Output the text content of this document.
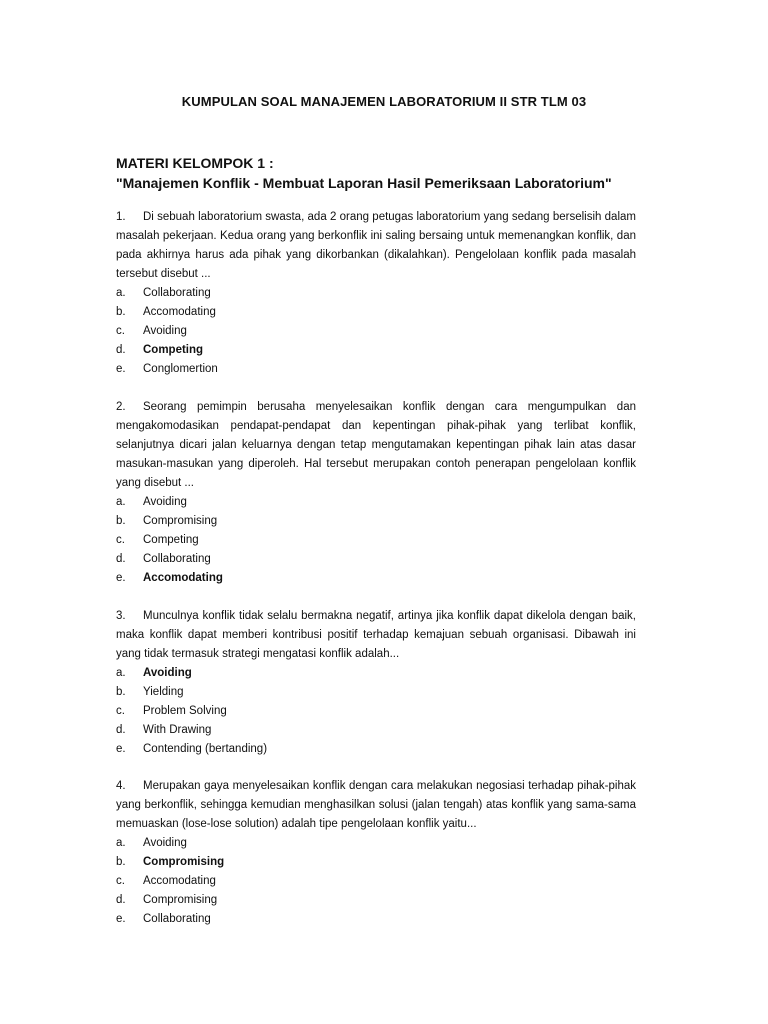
KUMPULAN SOAL MANAJEMEN LABORATORIUM II STR TLM 03
MATERI KELOMPOK 1 :
"Manajemen Konflik - Membuat Laporan Hasil Pemeriksaan Laboratorium"
1. Di sebuah laboratorium swasta, ada 2 orang petugas laboratorium yang sedang berselisih dalam masalah pekerjaan. Kedua orang yang berkonflik ini saling bersaing untuk memenangkan konflik, dan pada akhirnya harus ada pihak yang dikorbankan (dikalahkan). Pengelolaan konflik pada masalah tersebut disebut ...
a. Collaborating
b. Accomodating
c. Avoiding
d. Competing
e. Conglomertion
2. Seorang pemimpin berusaha menyelesaikan konflik dengan cara mengumpulkan dan mengakomodasikan pendapat-pendapat dan kepentingan pihak-pihak yang terlibat konflik, selanjutnya dicari jalan keluarnya dengan tetap mengutamakan kepentingan pihak lain atas dasar masukan-masukan yang diperoleh. Hal tersebut merupakan contoh penerapan pengelolaan konflik yang disebut ...
a. Avoiding
b. Compromising
c. Competing
d. Collaborating
e. Accomodating
3. Munculnya konflik tidak selalu bermakna negatif, artinya jika konflik dapat dikelola dengan baik, maka konflik dapat memberi kontribusi positif terhadap kemajuan sebuah organisasi. Dibawah ini yang tidak termasuk strategi mengatasi konflik adalah...
a. Avoiding
b. Yielding
c. Problem Solving
d. With Drawing
e. Contending (bertanding)
4. Merupakan gaya menyelesaikan konflik dengan cara melakukan negosiasi terhadap pihak-pihak yang berkonflik, sehingga kemudian menghasilkan solusi (jalan tengah) atas konflik yang sama-sama memuaskan (lose-lose solution) adalah tipe pengelolaan konflik yaitu...
a. Avoiding
b. Compromising
c. Accomodating
d. Compromising
e. Collaborating
